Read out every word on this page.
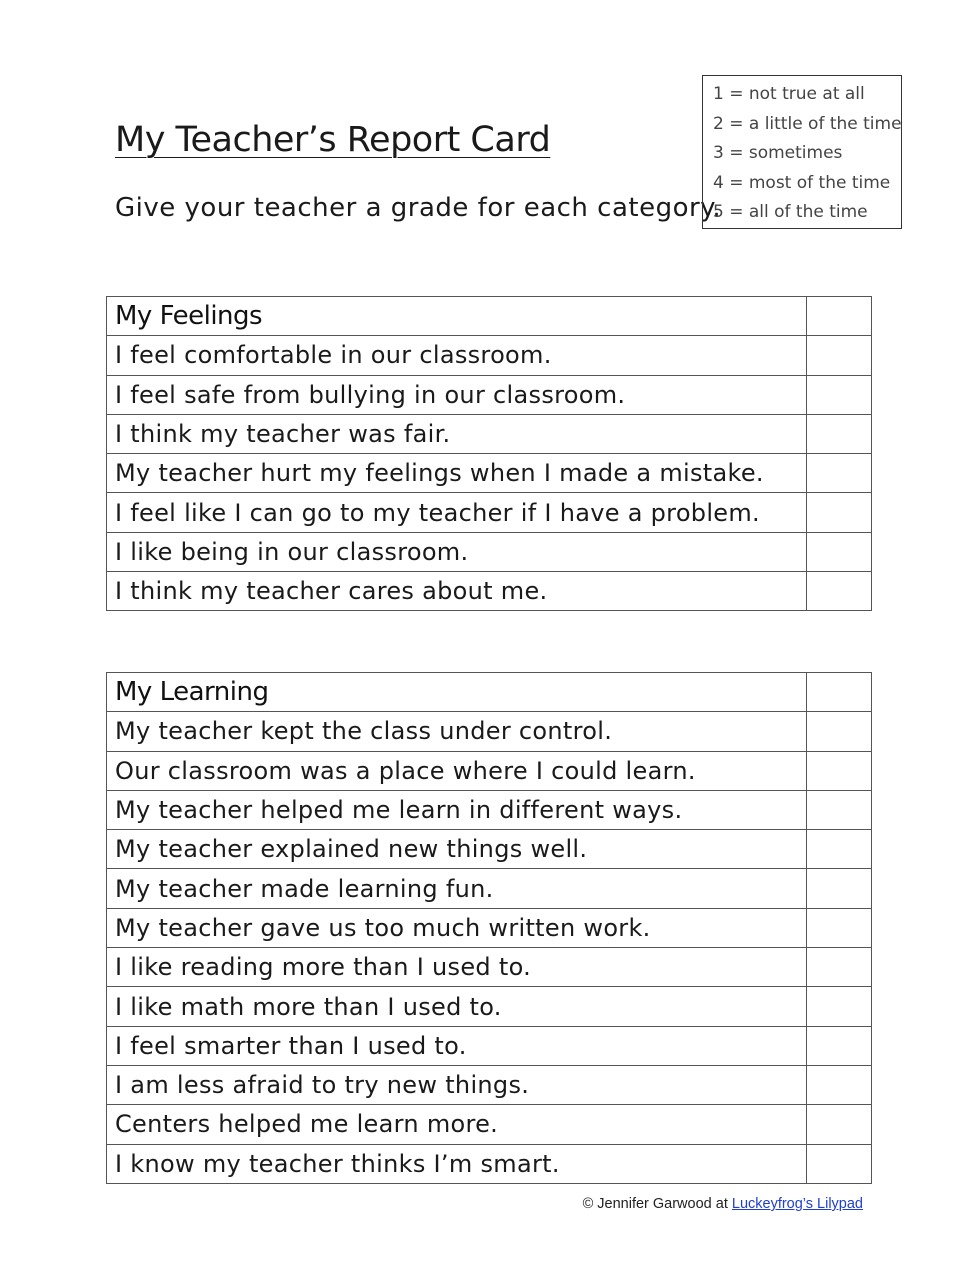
My Teacher’s Report Card
Give your teacher a grade for each category.
1 = not true at all
2 = a little of the time
3 = sometimes
4 = most of the time
5 = all of the time
My Feelings	
I feel comfortable in our classroom.	
I feel safe from bullying in our classroom.	
I think my teacher was fair.	
My teacher hurt my feelings when I made a mistake.	
I feel like I can go to my teacher if I have a problem.	
I like being in our classroom.	
I think my teacher cares about me.	
My Learning	
My teacher kept the class under control.	
Our classroom was a place where I could learn.	
My teacher helped me learn in different ways.	
My teacher explained new things well.	
My teacher made learning fun.	
My teacher gave us too much written work.	
I like reading more than I used to.	
I like math more than I used to.	
I feel smarter than I used to.	
I am less afraid to try new things.	
Centers helped me learn more.	
I know my teacher thinks I’m smart.	
© Jennifer Garwood at Luckeyfrog’s Lilypad
